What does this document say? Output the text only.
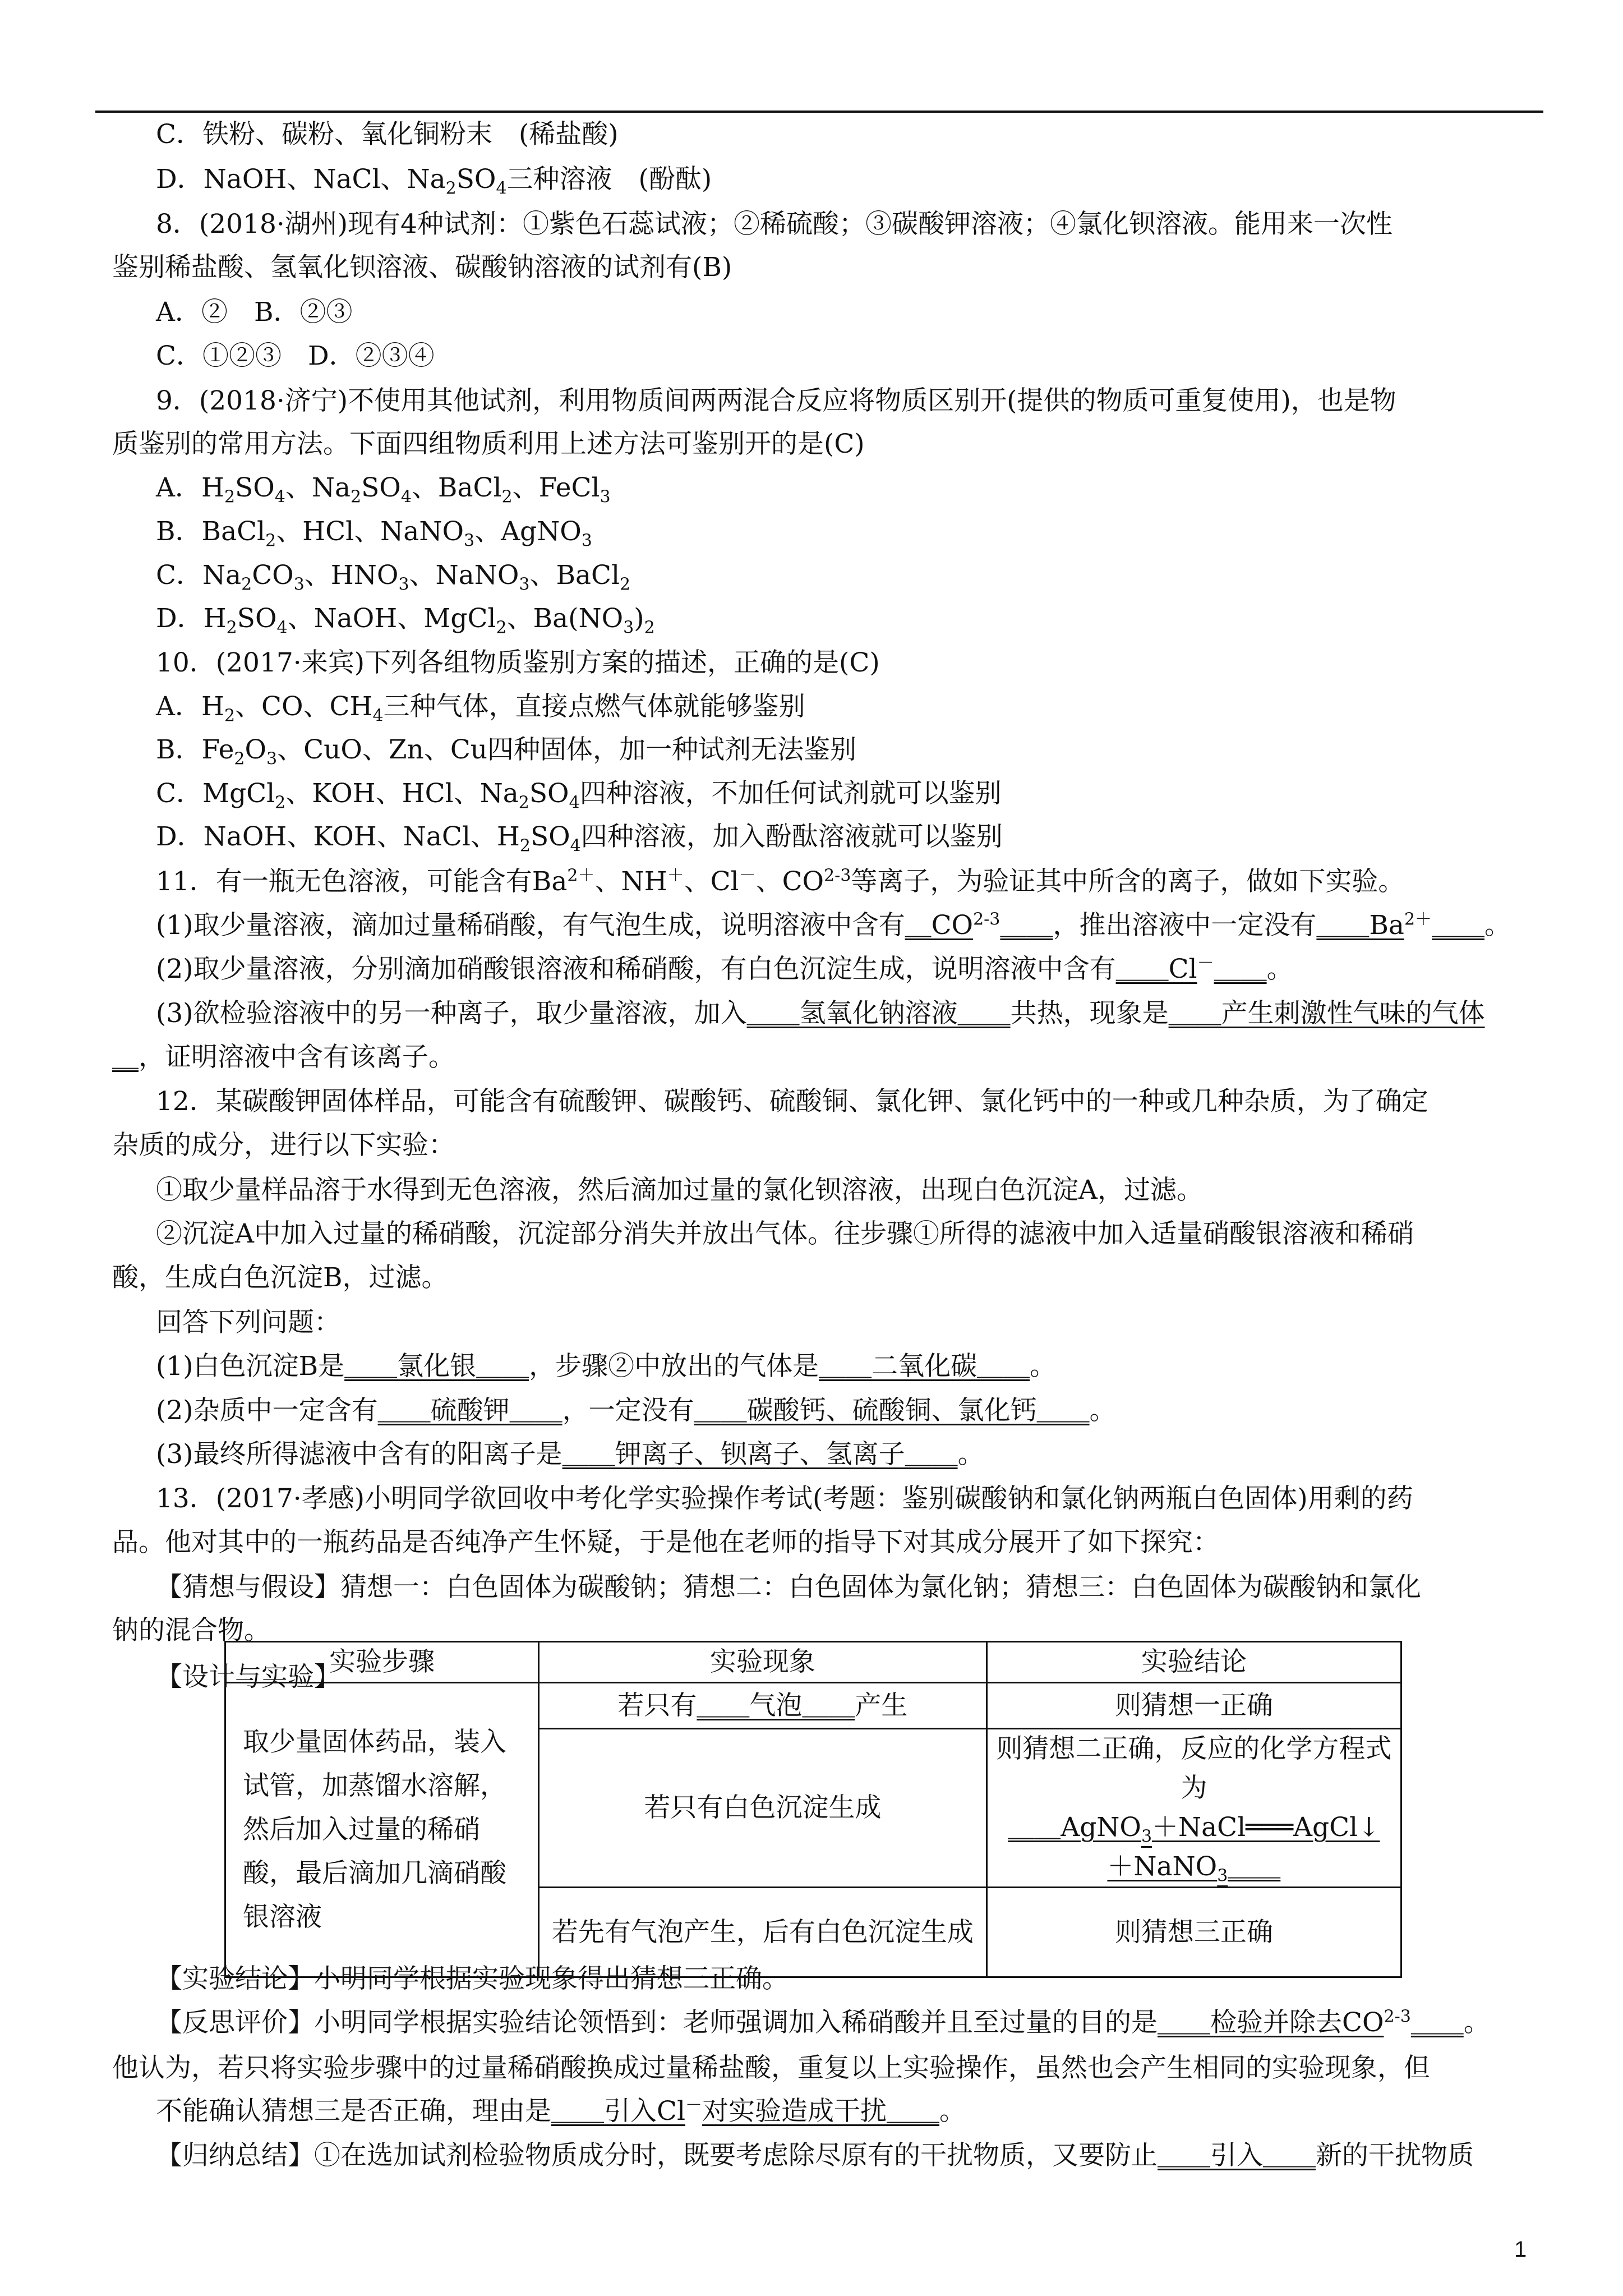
C．铁粉、碳粉、氧化铜粉末　(稀盐酸)
D．NaOH、NaCl、$Na_2SO_4$三种溶液　(酚酞)
8．(2018·湖州)现有4种试剂：①紫色石蕊试液；②稀硫酸；③碳酸钾溶液；④氯化钡溶液。能用来一次性
鉴别稀盐酸、氢氧化钡溶液、碳酸钠溶液的试剂有(B)
A．②　B．②③
C．①②③　D．②③④
9．(2018·济宁)不使用其他试剂，利用物质间两两混合反应将物质区别开(提供的物质可重复使用)，也是物
质鉴别的常用方法。下面四组物质利用上述方法可鉴别开的是(C)
A．$H_2SO_4$、$Na_2SO_4$、BaCl$_2$、FeCl$_3$
B．BaCl$_2$、HCl、NaNO$_3$、AgNO$_3$
C．$Na_2CO_3$、$HNO_3$、NaNO$_3$、BaCl$_2$
D．$H_2SO_4$、NaOH、MgCl$_2$、$Ba(NO_3)_2$
10．(2017·来宾)下列各组物质鉴别方案的描述，正确的是(C)
A．$H_2$、CO、$CH_4$三种气体，直接点燃气体就能够鉴别
B．$Fe_2O_3$、CuO、Zn、Cu四种固体，加一种试剂无法鉴别
C．MgCl$_2$、KOH、HCl、$Na_2SO_4$四种溶液，不加任何试剂就可以鉴别
D．NaOH、KOH、NaCl、$H_2SO_4$四种溶液，加入酚酞溶液就可以鉴别
11．有一瓶无色溶液，可能含有$Ba^{2+}$、NH＋、Cl－、CO$^{2-3}$等离子，为验证其中所含的离子，做如下实验。
(1)取少量溶液，滴加过量稀硝酸，有气泡生成，说明溶液中含有＿CO$^{2-3}$＿＿，推出溶液中一定没有$\_\_Ba^{2+}\_\_$。
(2)取少量溶液，分别滴加硝酸银溶液和稀硝酸，有白色沉淀生成，说明溶液中含有＿＿Cl－＿＿。
(3)欲检验溶液中的另一种离子，取少量溶液，加入＿＿氢氧化钠溶液＿＿共热，现象是＿＿产生刺激性气味的气体
＿，证明溶液中含有该离子。
12．某碳酸钾固体样品，可能含有硫酸钾、碳酸钙、硫酸铜、氯化钾、氯化钙中的一种或几种杂质，为了确定
杂质的成分，进行以下实验：
①取少量样品溶于水得到无色溶液，然后滴加过量的氯化钡溶液，出现白色沉淀A，过滤。
②沉淀A中加入过量的稀硝酸，沉淀部分消失并放出气体。往步骤①所得的滤液中加入适量硝酸银溶液和稀硝
酸，生成白色沉淀B，过滤。
回答下列问题：
(1)白色沉淀B是＿＿氯化银＿＿，步骤②中放出的气体是＿＿二氧化碳＿＿。
(2)杂质中一定含有＿＿硫酸钾＿＿，一定没有＿＿碳酸钙、硫酸铜、氯化钙＿＿。
(3)最终所得滤液中含有的阳离子是＿＿钾离子、钡离子、氢离子＿＿。
13．(2017·孝感)小明同学欲回收中考化学实验操作考试(考题：鉴别碳酸钠和氯化钠两瓶白色固体)用剩的药
品。他对其中的一瓶药品是否纯净产生怀疑，于是他在老师的指导下对其成分展开了如下探究：
【猜想与假设】猜想一：白色固体为碳酸钠；猜想二：白色固体为氯化钠；猜想三：白色固体为碳酸钠和氯化
钠的混合物。
【设计与实验】
【实验结论】小明同学根据实验现象得出猜想三正确。
【反思评价】小明同学根据实验结论领悟到：老师强调加入稀硝酸并且至过量的目的是＿＿检验并除去CO$^{2-3}$＿＿。
他认为，若只将实验步骤中的过量稀硝酸换成过量稀盐酸，重复以上实验操作，虽然也会产生相同的实验现象，但
不能确认猜想三是否正确，理由是＿＿引入Cl－对实验造成干扰＿＿。
【归纳总结】①在选加试剂检验物质成分时，既要考虑除尽原有的干扰物质，又要防止＿＿引入＿＿新的干扰物质
实验步骤	实验现象	实验结论
取少量固体药品，装入试管，加蒸馏水溶解，然后加入过量的稀硝酸，最后滴加几滴硝酸银溶液	若只有＿＿气泡＿＿产生	则猜想一正确
	若只有白色沉淀生成	则猜想二正确，反应的化学方程式为
＿＿AgNO$_3$＋NaCl═══AgCl↓
＋NaNO$_3$＿＿

	若先有气泡产生，后有白色沉淀生成	则猜想三正确
1
